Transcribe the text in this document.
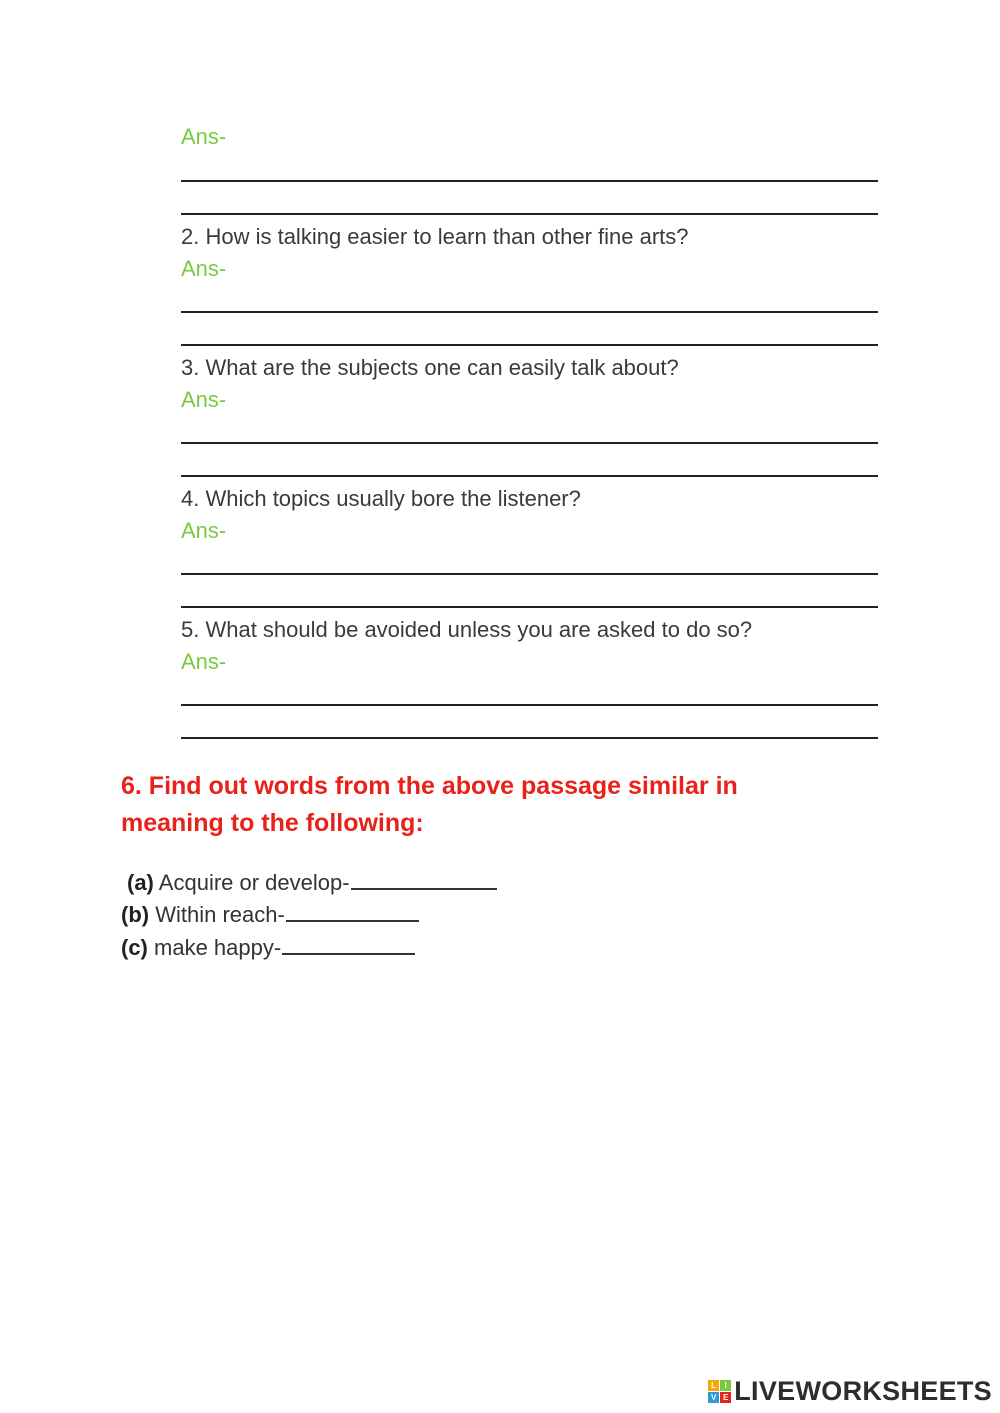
Ans-
2. How is talking easier to learn than other fine arts?
Ans-
3. What are the subjects one can easily talk about?
Ans-
4. Which topics usually bore the listener?
Ans-
5. What should be avoided unless you are asked to do so?
Ans-
6. Find out words from the above passage similar in
meaning to the following:
(a) Acquire or develop-
(b) Within reach-
(c) make happy-
L	I
V E LIVEWORKSHEETS
